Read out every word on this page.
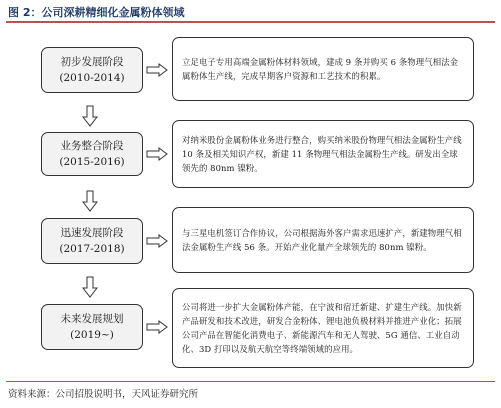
图 2：公司深耕精细化金属粉体领域
初步发展阶段
(2010-2014)
立足电子专用高端金属粉体材料领域，建成 9 条并购买 6 条物理气相法金属粉体生产线，完成早期客户资源和工艺技术的积累。
业务整合阶段
(2015-2016)
对纳米股份金属粉体业务进行整合，购买纳米股份物理气相法金属粉生产线 10 条及相关知识产权，新建 11 条物理气相法金属粉生产线。研发出全球领先的 80nm 镍粉。
迅速发展阶段
(2017-2018)
与三星电机签订合作协议，公司根据海外客户需求迅速扩产，新建物理气相法金属粉生产线 56 条。开始产业化量产全球领先的 80nm 镍粉。
未来发展规划
(2019~)
公司将进一步扩大金属粉体产能，在宁波和宿迁新建、扩建生产线。加快新产品研发和技术改进，研发合金粉体、锂电池负极材料并推进产业化；拓展公司产品在智能化消费电子、新能源汽车和无人驾驶、5G 通信、工业自动化、3D 打印以及航天航空等终端领域的应用。
资料来源：公司招股说明书，天风证券研究所
